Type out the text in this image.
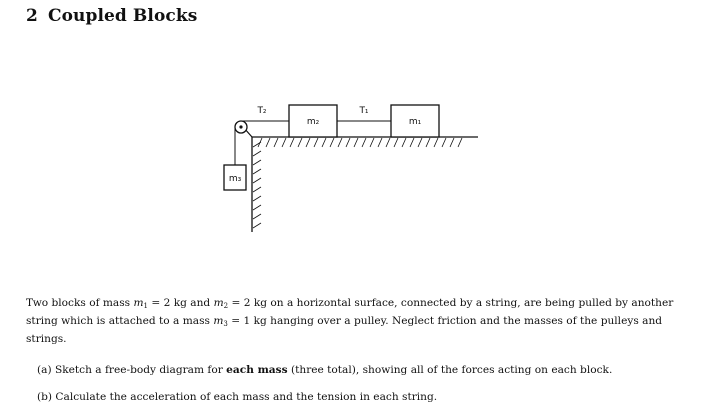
2 Coupled Blocks
m₂	m₁
m₃
T₂	T₁
Two blocks of mass $m_1 = 2$ kg and $m_2 = 2$ kg on a horizontal surface, connected by a string, are being pulled by another string which is attached to a mass $m_3 = 1$ kg hanging over a pulley. Neglect friction and the masses of the pulleys and strings.
(a) Sketch a free-body diagram for each mass (three total), showing all of the forces acting on each block.
(b) Calculate the acceleration of each mass and the tension in each string.
